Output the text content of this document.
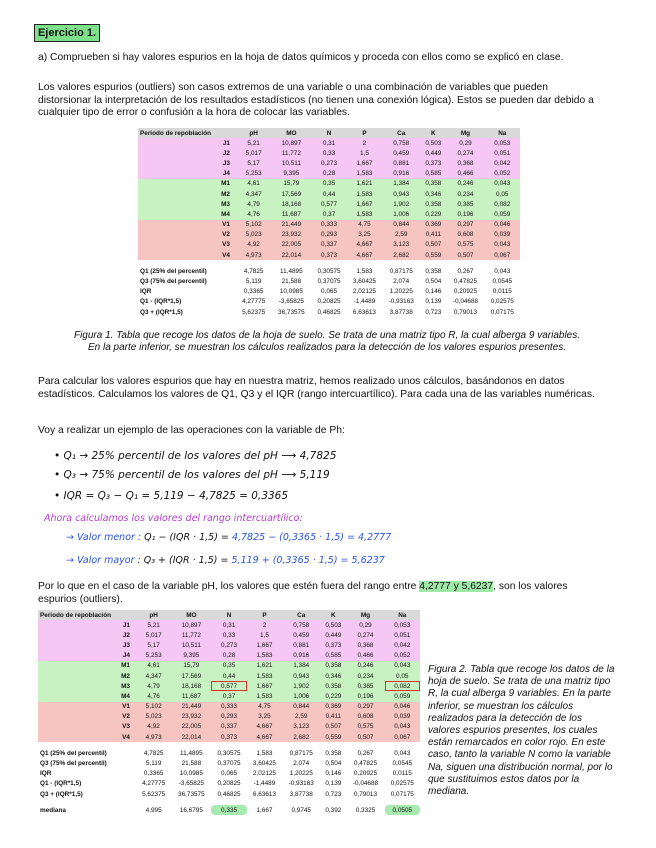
Ejercicio 1.
a) Comprueben si hay valores espurios en la hoja de datos químicos y proceda con ellos como se explicó en clase.
Los valores espurios (outliers) son casos extremos de una variable o una combinación de variables que pueden distorsionar la interpretación de los resultados estadísticos (no tienen una conexión lógica). Estos se pueden dar debido a cualquier tipo de error o confusión a la hora de colocar las variables.
Periodo de repoblación	pH	MO	N	P	Ca	K	Mg	Na
J1	5,21	10,897	0,31	2	0,758	0,503	0,29	0,053
J2	5,017	11,772	0,33	1,5	0,459	0,449	0,274	0,051
J3	5,17	10,511	0,273	1,667	0,881	0,373	0,368	0,042
J4	5,253	9,395	0,28	1,583	0,916	0,585	0,466	0,052
M1	4,61	15,79	0,35	1,621	1,384	0,358	0,246	0,043
M2	4,347	17,569	0,44	1,583	0,943	0,346	0,234	0,05
M3	4,79	18,168	0,577	1,667	1,902	0,358	0,385	0,082
M4	4,76	11,687	0,37	1,583	1,006	0,229	0,196	0,059
V1	5,102	21,449	0,333	4,75	0,844	0,369	0,297	0,046
V2	5,023	23,932	0,293	3,25	2,59	0,411	0,608	0,039
V3	4,92	22,005	0,337	4,667	3,123	0,507	0,575	0,043
V4	4,973	22,014	0,373	4,667	2,682	0,559	0,507	0,067

Q1 (25% del percentil)	4,7825	11,4895	0,30575	1,583	0,87175	0,358	0,267	0,043
Q3 (75% del percentil)	5,119	21,588	0,37075	3,60425	2,074	0,504	0,47825	0,0545
IQR	0,3365	10,0985	0,065	2,02125	1,20225	0,146	0,20925	0,0115
Q1 - (IQR*1,5)	4,27775	-3,65825	0,20825	-1,4489	-0,93163	0,139	-0,04688	0,02575
Q3 + (IQR*1,5)	5,62375	36,73575	0,46825	6,63613	3,87738	0,723	0,79013	0,07175
Figura 1. Tabla que recoge los datos de la hoja de suelo. Se trata de una matriz tipo R, la cual alberga 9 variables. En la parte inferior, se muestran los cálculos realizados para la detección de los valores espurios presentes.
Para calcular los valores espurios que hay en nuestra matriz, hemos realizado unos cálculos, basándonos en datos estadísticos. Calculamos los valores de Q1, Q3 y el IQR (rango intercuartílico). Para cada una de las variables numéricas.
Voy a realizar un ejemplo de las operaciones con la variable de Ph:
• Q₁ → 25% percentil de los valores del pH ⟶ 4,7825
• Q₃ → 75% percentil de los valores del pH ⟶ 5,119
• IQR = Q₃ − Q₁ = 5,119 − 4,7825 = 0,3365
Ahora calculamos los valores del rango intercuartílico:
→ Valor menor : Q₁ − (IQR · 1,5) = 4,7825 − (0,3365 · 1,5) = 4,2777
→ Valor mayor : Q₃ + (IQR · 1,5) = 5,119 + (0,3365 · 1,5) = 5,6237
Por lo que en el caso de la variable pH, los valores que estén fuera del rango entre 4,2777 y 5,6237, son los valores espurios (outliers).
Periodo de repoblación	pH	MO	N	P	Ca	K	Mg	Na
J1	5,21	10,897	0,31	2	0,758	0,503	0,29	0,053
J2	5,017	11,772	0,33	1,5	0,459	0,449	0,274	0,051
J3	5,17	10,511	0,273	1,667	0,881	0,373	0,368	0,042
J4	5,253	9,395	0,28	1,583	0,916	0,585	0,466	0,052
M1	4,61	15,79	0,35	1,621	1,384	0,358	0,246	0,043
M2	4,347	17,569	0,44	1,583	0,943	0,346	0,234	0,05
M3	4,79	18,168	0,577	1,667	1,902	0,358	0,385	0,082
M4	4,76	11,687	0,37	1,583	1,006	0,229	0,196	0,059
V1	5,102	21,449	0,333	4,75	0,844	0,369	0,297	0,046
V2	5,023	23,932	0,293	3,25	2,59	0,411	0,608	0,039
V3	4,92	22,005	0,337	4,667	3,123	0,507	0,575	0,043
V4	4,973	22,014	0,373	4,667	2,682	0,559	0,507	0,067

Q1 (25% del percentil)	4,7825	11,4895	0,30575	1,583	0,87175	0,358	0,267	0,043
Q3 (75% del percentil)	5,119	21,588	0,37075	3,60425	2,074	0,504	0,47825	0,0545
IQR	0,3365	10,0985	0,065	2,02125	1,20225	0,146	0,20925	0,0115
Q1 - (IQR*1,5)	4,27775	-3,65825	0,20825	-1,4489	-0,93163	0,139	-0,04688	0,02575
Q3 + (IQR*1,5)	5,62375	36,73575	0,46825	6,63613	3,87738	0,723	0,79013	0,07175

mediana	4,995	16,6795	0,335	1,667	0,9745	0,392	0,3325	0,0505
Figura 2. Tabla que recoge los datos de la hoja de suelo. Se trata de una matriz tipo R, la cual alberga 9 variables. En la parte inferior, se muestran los cálculos realizados para la detección de los valores espurios presentes, los cuales están remarcados en color rojo. En este caso, tanto la variable N como la variable Na, siguen una distribución normal, por lo que sustituimos estos datos por la mediana.
